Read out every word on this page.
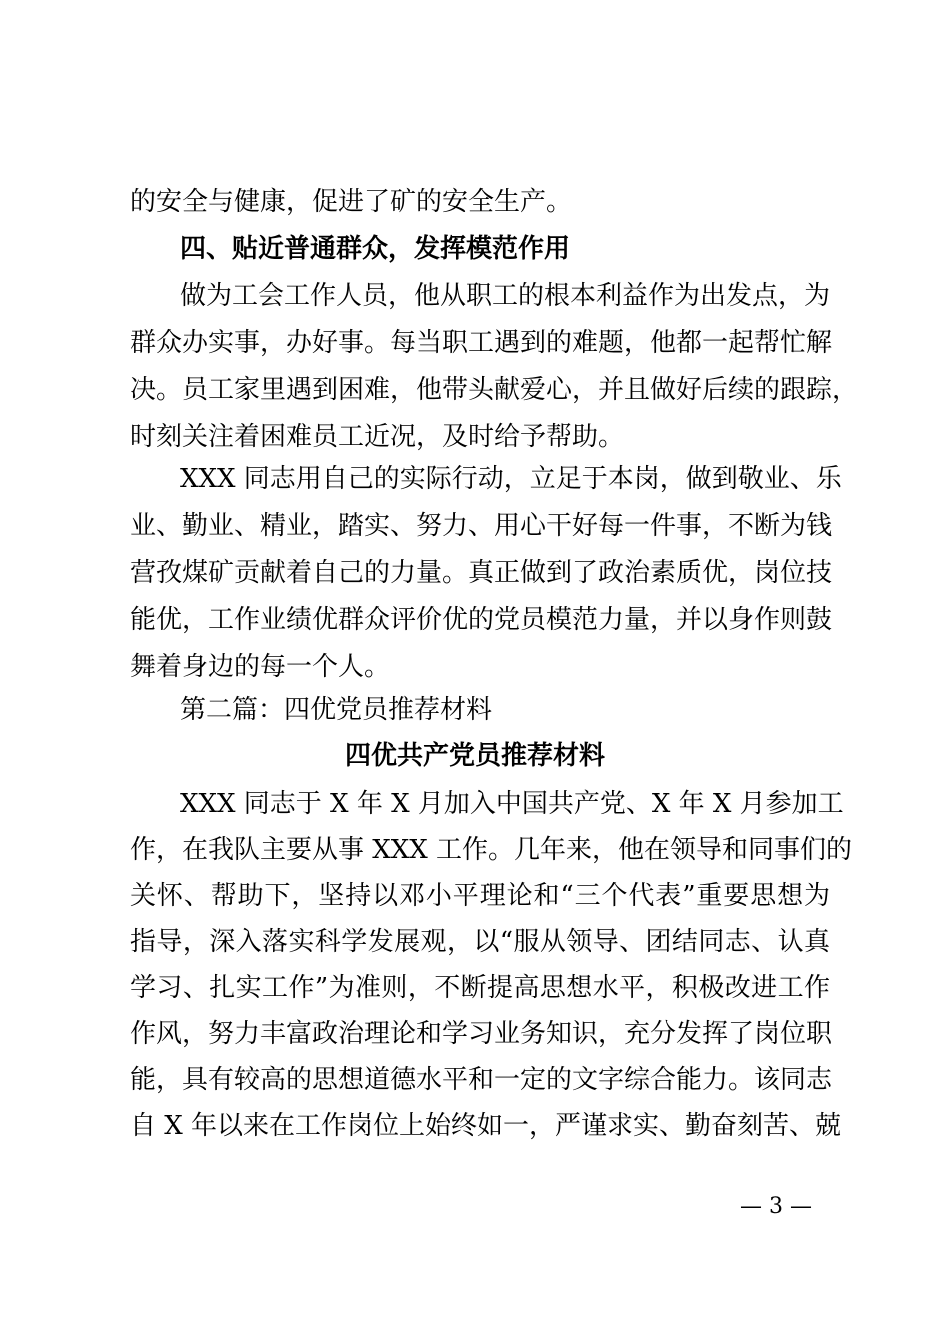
的安全与健康，促进了矿的安全生产。
四、贴近普通群众，发挥模范作用
做为工会工作人员，他从职工的根本利益作为出发点，为
群众办实事，办好事。每当职工遇到的难题，他都一起帮忙解
决。员工家里遇到困难，他带头献爱心，并且做好后续的跟踪，
时刻关注着困难员工近况，及时给予帮助。
XXX 同志用自己的实际行动，立足于本岗，做到敬业、乐
业、勤业、精业，踏实、努力、用心干好每一件事，不断为钱
营孜煤矿贡献着自己的力量。真正做到了政治素质优，岗位技
能优，工作业绩优群众评价优的党员模范力量，并以身作则鼓
舞着身边的每一个人。
第二篇：四优党员推荐材料
四优共产党员推荐材料
XXX 同志于 X 年 X 月加入中国共产党、X 年 X 月参加工
作，在我队主要从事 XXX 工作。几年来，他在领导和同事们的
关怀、帮助下，坚持以邓小平理论和“三个代表”重要思想为
指导，深入落实科学发展观，以“服从领导、团结同志、认真
学习、扎实工作”为准则，不断提高思想水平，积极改进工作
作风，努力丰富政治理论和学习业务知识，充分发挥了岗位职
能，具有较高的思想道德水平和一定的文字综合能力。该同志
自 X 年以来在工作岗位上始终如一，严谨求实、勤奋刻苦、兢
— 3 —
